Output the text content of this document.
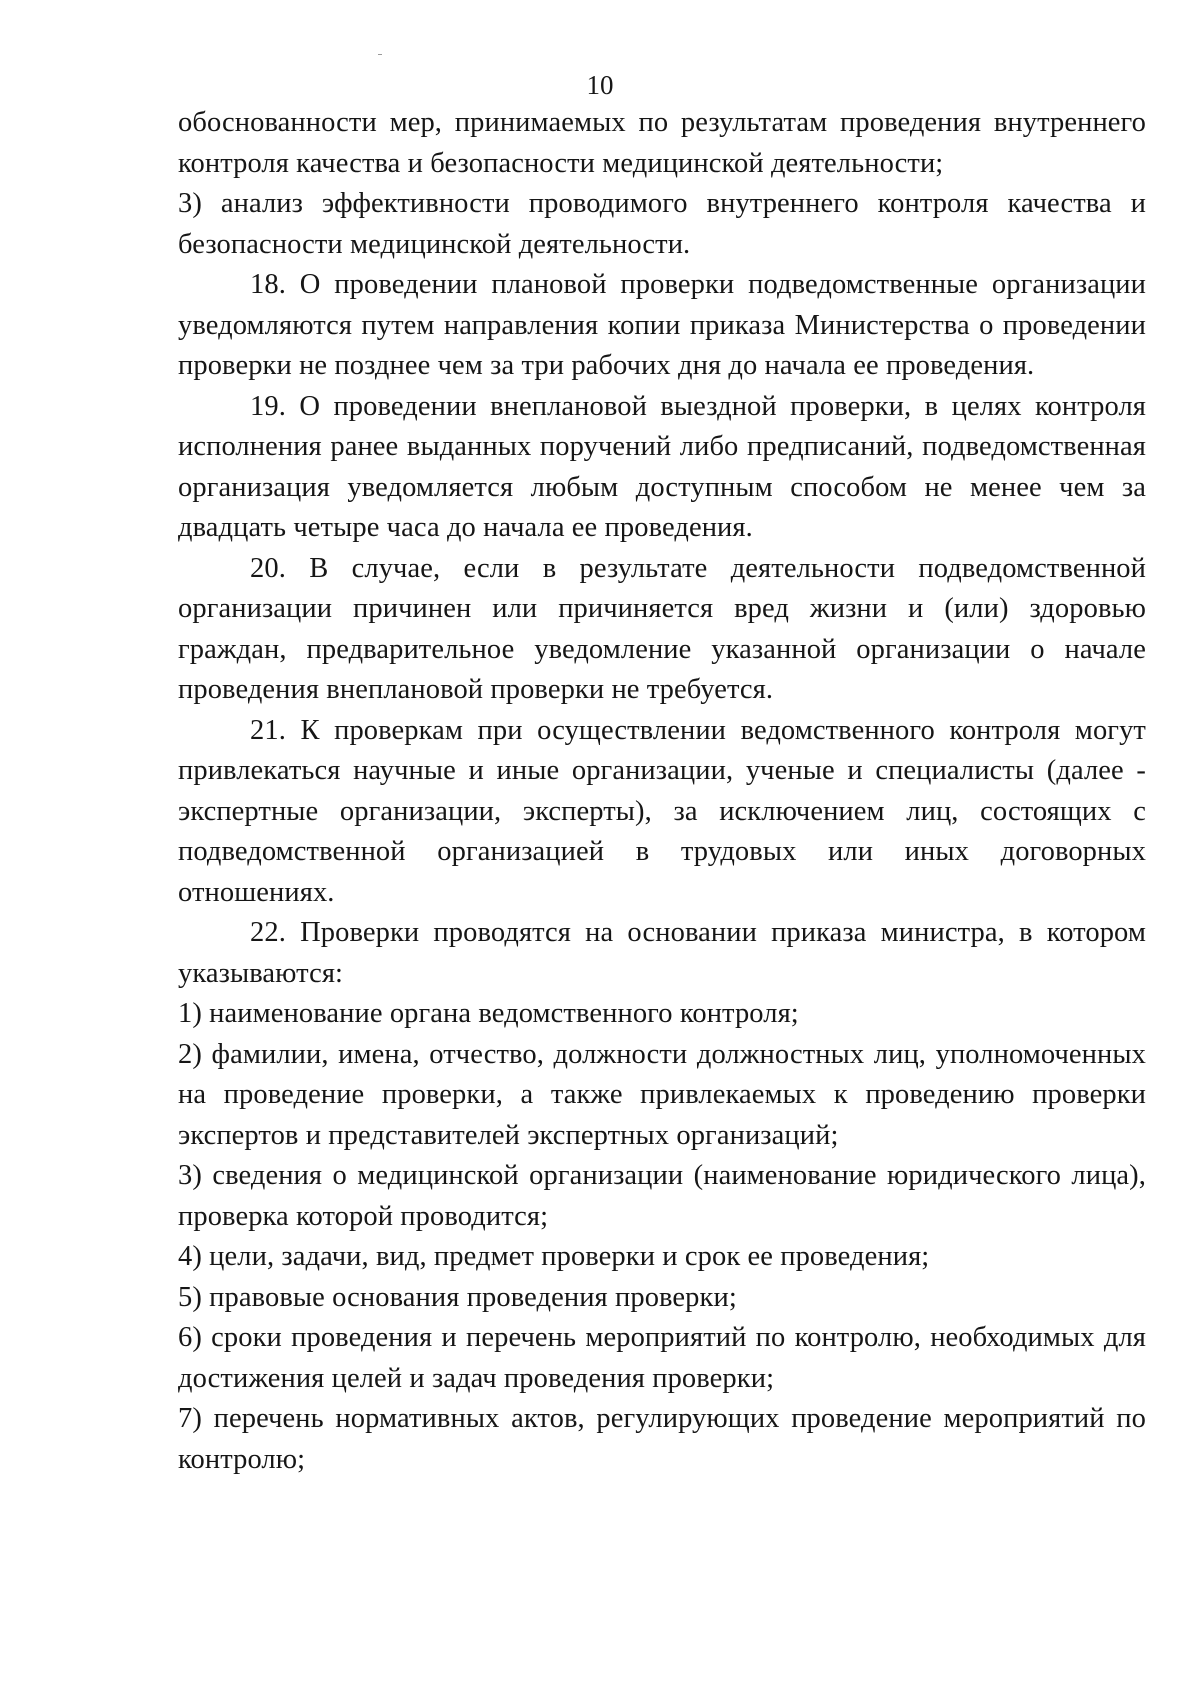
10

обоснованности мер, принимаемых по результатам проведения внутреннего контроля качества и безопасности медицинской деятельности;

3) анализ эффективности проводимого внутреннего контроля качества и безопасности медицинской деятельности.

18. О проведении плановой проверки подведомственные организации уведомляются путем направления копии приказа Министерства о проведении проверки не позднее чем за три рабочих дня до начала ее проведения.

19. О проведении внеплановой выездной проверки, в целях контроля исполнения ранее выданных поручений либо предписаний, подведомственная организация уведомляется любым доступным способом не менее чем за двадцать четыре часа до начала ее проведения.

20. В случае, если в результате деятельности подведомственной организации причинен или причиняется вред жизни и (или) здоровью граждан, предварительное уведомление указанной организации о начале проведения внеплановой проверки не требуется.

21. К проверкам при осуществлении ведомственного контроля могут привлекаться научные и иные организации, ученые и специалисты (далее - экспертные организации, эксперты), за исключением лиц, состоящих с подведомственной организацией в трудовых или иных договорных отношениях.

22. Проверки проводятся на основании приказа министра, в котором указываются:

1) наименование органа ведомственного контроля;

2) фамилии, имена, отчество, должности должностных лиц, уполномоченных на проведение проверки, а также привлекаемых к проведению проверки экспертов и представителей экспертных организаций;

3) сведения о медицинской организации (наименование юридического лица), проверка которой проводится;

4) цели, задачи, вид, предмет проверки и срок ее проведения;

5) правовые основания проведения проверки;

6) сроки проведения и перечень мероприятий по контролю, необходимых для достижения целей и задач проведения проверки;

7) перечень нормативных актов, регулирующих проведение мероприятий по контролю;
